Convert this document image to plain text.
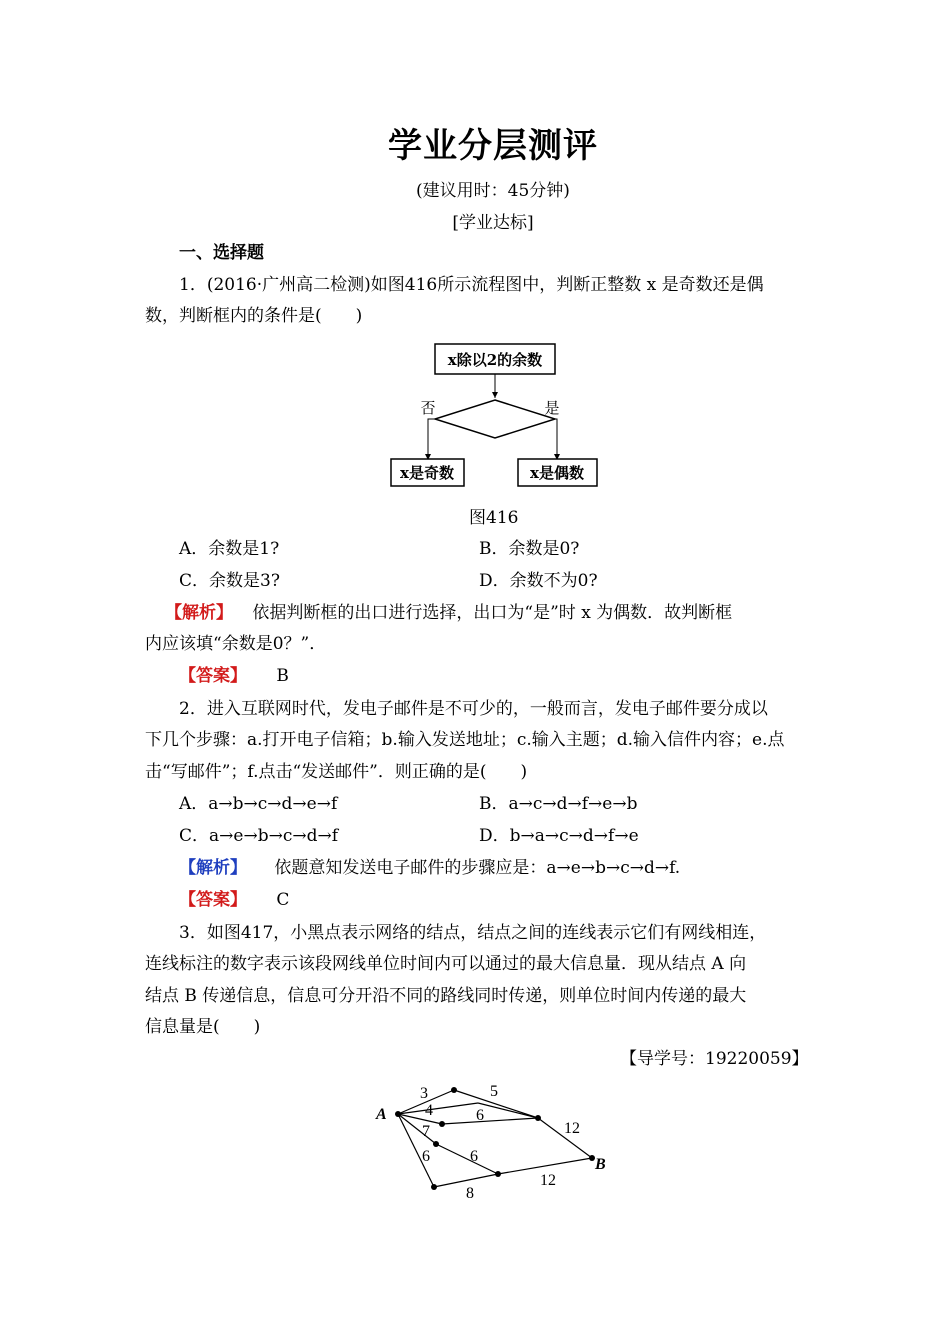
学业分层测评
(建议用时：45分钟)
[学业达标]
一、选择题
1．(2016·广州高二检测)如图416所示流程图中，判断正整数 x 是奇数还是偶
数，判断框内的条件是(　　)
x除以2的余数
否	是
x是奇数	x是偶数
图416
A．余数是1?	B．余数是0?
C．余数是3?	D．余数不为0?
【解析】 依据判断框的出口进行选择，出口为“是”时 x 为偶数．故判断框
内应该填“余数是0？”．
【答案】 B
2．进入互联网时代，发电子邮件是不可少的，一般而言，发电子邮件要分成以
下几个步骤：a.打开电子信箱；b.输入发送地址；c.输入主题；d.输入信件内容；e.点
击“写邮件”；f.点击“发送邮件”．则正确的是(　　)
A．a→b→c→d→e→f	B．a→c→d→f→e→b
C．a→e→b→c→d→f	D．b→a→c→d→f→e
【解析】 依题意知发送电子邮件的步骤应是：a→e→b→c→d→f.
【答案】 C
3．如图417，小黑点表示网络的结点，结点之间的连线表示它们有网线相连，
连线标注的数字表示该段网线单位时间内可以通过的最大信息量．现从结点 A 向
结点 B 传递信息，信息可分开沿不同的路线同时传递，则单位时间内传递的最大
信息量是(　　)
【导学号：19220059】
A
B
3	5
4	6
7	12
6	6
12
8
